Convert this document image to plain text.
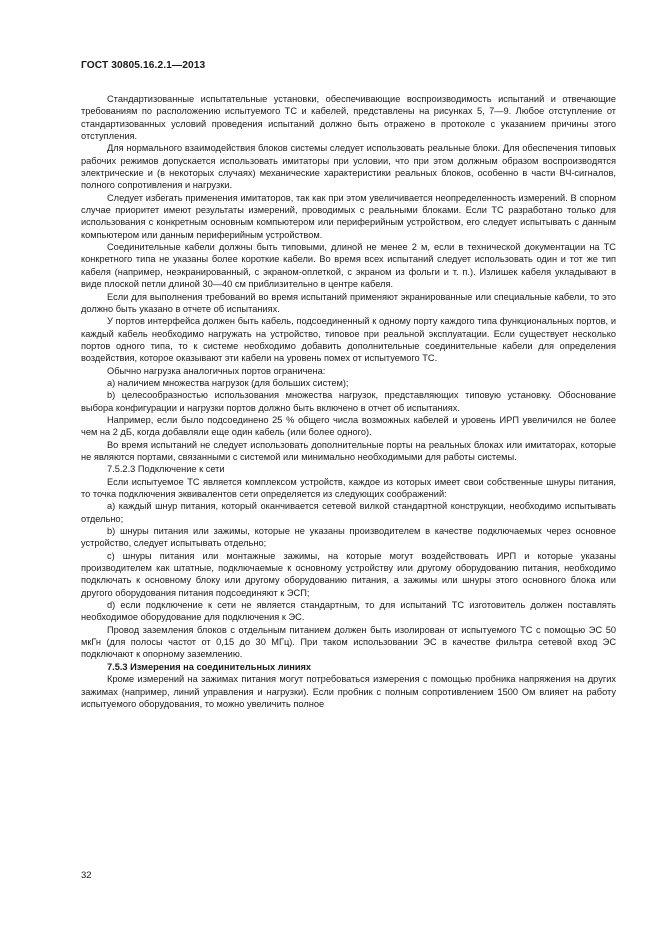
ГОСТ 30805.16.2.1—2013

Стандартизованные испытательные установки, обеспечивающие воспроизводимость испытаний и отвечающие требованиям по расположению испытуемого ТС и кабелей, представлены на рисунках 5, 7—9. Любое отступление от стандартизованных условий проведения испытаний должно быть отражено в протоколе с указанием причины этого отступления.

Для нормального взаимодействия блоков системы следует использовать реальные блоки. Для обеспечения типовых рабочих режимов допускается использовать имитаторы при условии, что при этом должным образом воспроизводятся электрические и (в некоторых случаях) механические характеристики реальных блоков, особенно в части ВЧ-сигналов, полного сопротивления и нагрузки.

Следует избегать применения имитаторов, так как при этом увеличивается неопределенность измерений. В спорном случае приоритет имеют результаты измерений, проводимых с реальными блоками. Если ТС разработано только для использования с конкретным основным компьютером или периферийным устройством, его следует испытывать с данным компьютером или данным периферийным устройством.

Соединительные кабели должны быть типовыми, длиной не менее 2 м, если в технической документации на ТС конкретного типа не указаны более короткие кабели. Во время всех испытаний следует использовать один и тот же тип кабеля (например, неэкранированный, с экраном-оплеткой, с экраном из фольги и т. п.). Излишек кабеля укладывают в виде плоской петли длиной 30—40 см приблизительно в центре кабеля.

Если для выполнения требований во время испытаний применяют экранированные или специальные кабели, то это должно быть указано в отчете об испытаниях.

У портов интерфейса должен быть кабель, подсоединенный к одному порту каждого типа функциональных портов, и каждый кабель необходимо нагружать на устройство, типовое при реальной эксплуатации. Если существует несколько портов одного типа, то к системе необходимо добавить дополнительные соединительные кабели для определения воздействия, которое оказывают эти кабели на уровень помех от испытуемого ТС.

Обычно нагрузка аналогичных портов ограничена:

a) наличием множества нагрузок (для больших систем);

b) целесообразностью использования множества нагрузок, представляющих типовую установку. Обоснование выбора конфигурации и нагрузки портов должно быть включено в отчет об испытаниях.

Например, если было подсоединено 25 % общего числа возможных кабелей и уровень ИРП увеличился не более чем на 2 дБ, когда добавляли еще один кабель (или более одного).

Во время испытаний не следует использовать дополнительные порты на реальных блоках или имитаторах, которые не являются портами, связанными с системой или минимально необходимыми для работы системы.

7.5.2.3 Подключение к сети

Если испытуемое ТС является комплексом устройств, каждое из которых имеет свои собственные шнуры питания, то точка подключения эквивалентов сети определяется из следующих соображений:

a) каждый шнур питания, который оканчивается сетевой вилкой стандартной конструкции, необходимо испытывать отдельно;

b) шнуры питания или зажимы, которые не указаны производителем в качестве подключаемых через основное устройство, следует испытывать отдельно;

c) шнуры питания или монтажные зажимы, на которые могут воздействовать ИРП и которые указаны производителем как штатные, подключаемые к основному устройству или другому оборудованию питания, необходимо подключать к основному блоку или другому оборудованию питания, а зажимы или шнуры этого основного блока или другого оборудования питания подсоединяют к ЭСП;

d) если подключение к сети не является стандартным, то для испытаний ТС изготовитель должен поставлять необходимое оборудование для подключения к ЭС.

Провод заземления блоков с отдельным питанием должен быть изолирован от испытуемого ТС с помощью ЭС 50 мкГн (для полосы частот от 0,15 до 30 МГц). При таком использовании ЭС в качестве фильтра сетевой вход ЭС подключают к опорному заземлению.

7.5.3 Измерения на соединительных линиях

Кроме измерений на зажимах питания могут потребоваться измерения с помощью пробника напряжения на других зажимах (например, линий управления и нагрузки). Если пробник с полным сопротивлением 1500 Ом влияет на работу испытуемого оборудования, то можно увеличить полное

32
